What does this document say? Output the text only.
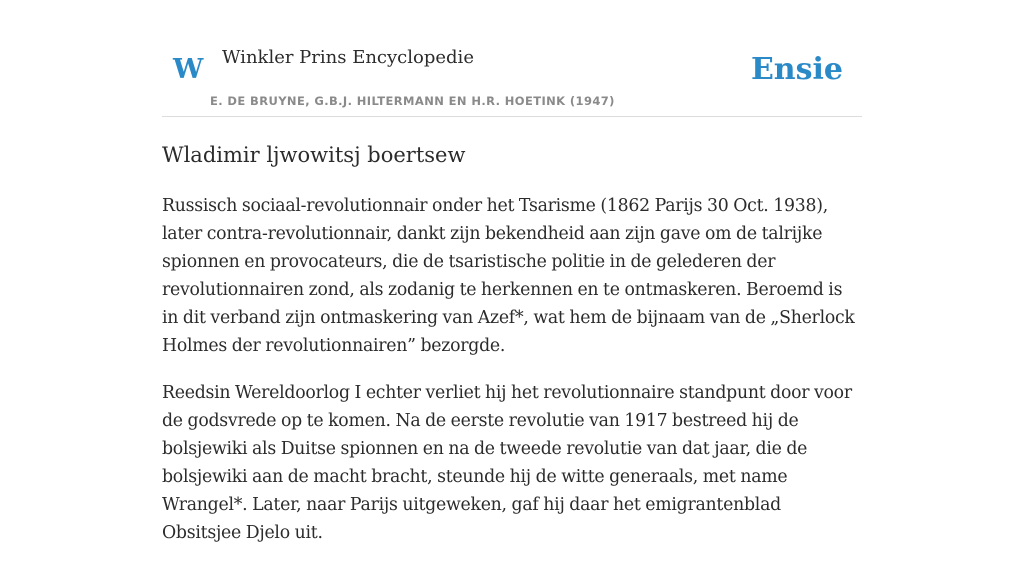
W Winkler Prins Encyclopedie
E. DE BRUYNE, G.B.J. HILTERMANN EN H.R. HOETINK (1947)
Ensie
Wladimir ljwowitsj boertsew

Russisch sociaal-revolutionnair onder het Tsarisme (1862 Parijs 30 Oct. 1938), later contra-revolutionnair, dankt zijn bekendheid aan zijn gave om de talrijke spionnen en provocateurs, die de tsaristische politie in de gelederen der revolutionnairen zond, als zodanig te herkennen en te ontmaskeren. Beroemd is in dit verband zijn ontmaskering van Azef*, wat hem de bijnaam van de „Sherlock Holmes der revolutionnairen” bezorgde.

Reedsin Wereldoorlog I echter verliet hij het revolutionnaire standpunt door voor de godsvrede op te komen. Na de eerste revolutie van 1917 bestreed hij de bolsjewiki als Duitse spionnen en na de tweede revolutie van dat jaar, die de bolsjewiki aan de macht bracht, steunde hij de witte generaals, met name Wrangel*. Later, naar Parijs uitgeweken, gaf hij daar het emigrantenblad Obsitsjee Djelo uit.
